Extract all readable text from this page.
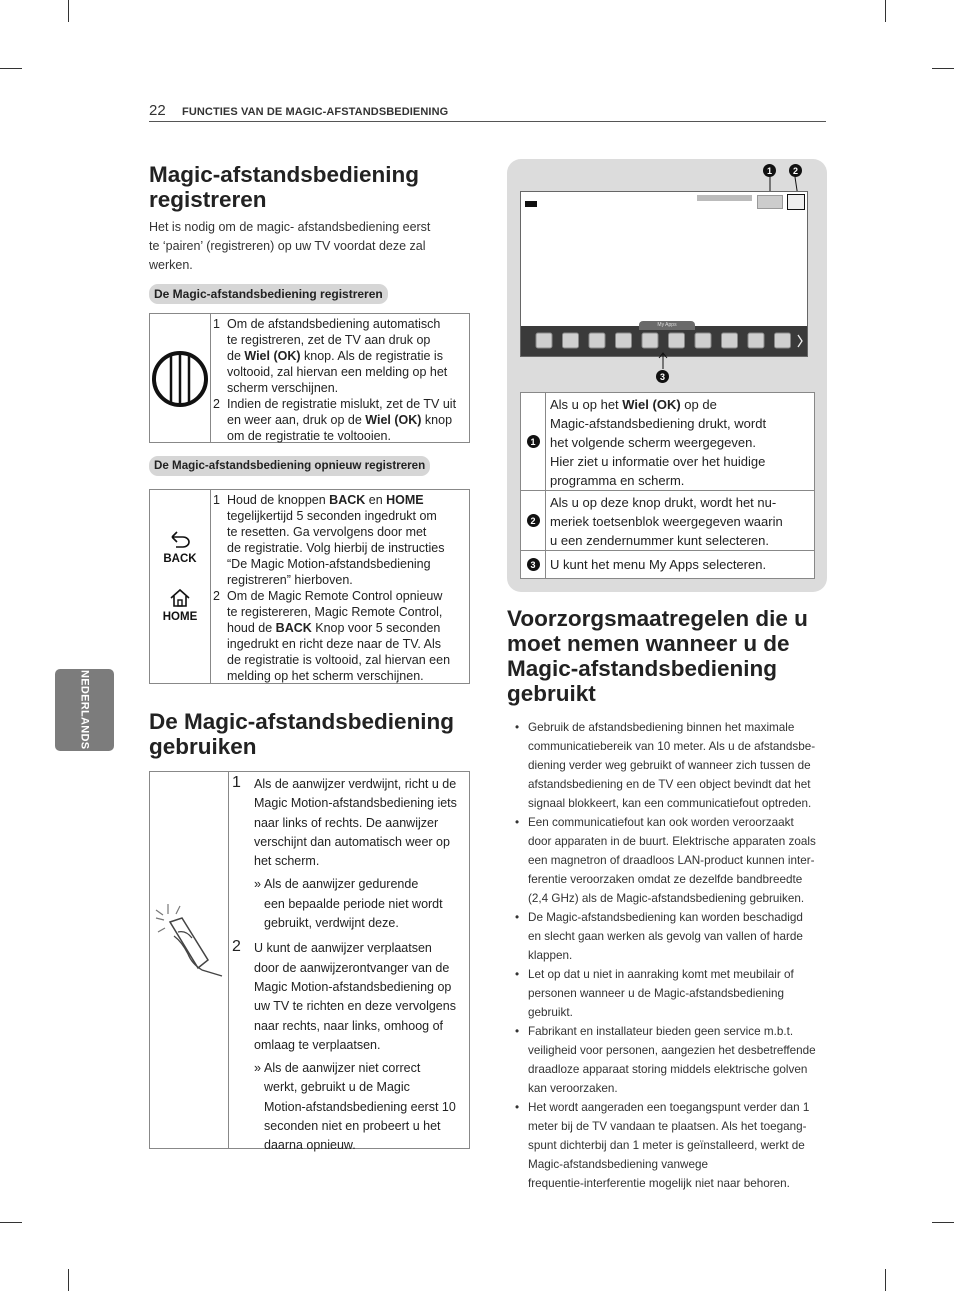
22 FUNCTIES VAN DE MAGIC-AFSTANDSBEDIENING
NEDERLANDS
Magic-afstandsbediening
registreren
Het is nodig om de magic- afstandsbediening eerst
te ‘pairen’ (registreren) op uw TV voordat deze zal
werken.
De Magic-afstandsbediening registreren
1 Om de afstandsbediening automatisch
te registreren, zet de TV aan druk op
de Wiel (OK) knop. Als de registratie is
voltooid, zal hiervan een melding op het
scherm verschijnen.
2 Indien de registratie mislukt, zet de TV uit
en weer aan, druk op de Wiel (OK) knop
om de registratie te voltooien.
De Magic-afstandsbediening opnieuw registreren
BACK
HOME
1 Houd de knoppen BACK en HOME
tegelijkertijd 5 seconden ingedrukt om
te resetten. Ga vervolgens door met
de registratie. Volg hierbij de instructies
“De Magic Motion-afstandsbediening
registreren” hierboven.
2 Om de Magic Remote Control opnieuw
te registereren, Magic Remote Control,
houd de BACK Knop voor 5 seconden
ingedrukt en richt deze naar de TV. Als
de registratie is voltooid, zal hiervan een
melding op het scherm verschijnen.
De Magic-afstandsbediening
gebruiken
1 Als de aanwijzer verdwijnt, richt u de
Magic Motion-afstandsbediening iets
naar links of rechts. De aanwijzer
verschijnt dan automatisch weer op
het scherm.
» Als de aanwijzer gedurende
een bepaalde periode niet wordt
gebruikt, verdwijnt deze.
2 U kunt de aanwijzer verplaatsen
door de aanwijzerontvanger van de
Magic Motion-afstandsbediening op
uw TV te richten en deze vervolgens
naar rechts, naar links, omhoog of
omlaag te verplaatsen.
» Als de aanwijzer niet correct
werkt, gebruikt u de Magic
Motion-afstandsbediening eerst 10
seconden niet en probeert u het
daarna opnieuw.
1	2
My Apps
3
1
Als u op het Wiel (OK) op de
Magic-afstandsbediening drukt, wordt
het volgende scherm weergegeven.
Hier ziet u informatie over het huidige
programma en scherm.
2
Als u op deze knop drukt, wordt het nu-
meriek toetsenblok weergegeven waarin
u een zendernummer kunt selecteren.
3	U kunt het menu My Apps selecteren.
Voorzorgsmaatregelen die u
moet nemen wanneer u de
Magic-afstandsbediening
gebruikt
• Gebruik de afstandsbediening binnen het maximale
communicatiebereik van 10 meter. Als u de afstandsbe-
diening verder weg gebruikt of wanneer zich tussen de
afstandsbediening en de TV een object bevindt dat het
signaal blokkeert, kan een communicatiefout optreden.
• Een communicatiefout kan ook worden veroorzaakt
door apparaten in de buurt. Elektrische apparaten zoals
een magnetron of draadloos LAN-product kunnen inter-
ferentie veroorzaken omdat ze dezelfde bandbreedte
(2,4 GHz) als de Magic-afstandsbediening gebruiken.
• De Magic-afstandsbediening kan worden beschadigd
en slecht gaan werken als gevolg van vallen of harde
klappen.
• Let op dat u niet in aanraking komt met meubilair of
personen wanneer u de Magic-afstandsbediening
gebruikt.
• Fabrikant en installateur bieden geen service m.b.t.
veiligheid voor personen, aangezien het desbetreffende
draadloze apparaat storing middels elektrische golven
kan veroorzaken.
• Het wordt aangeraden een toegangspunt verder dan 1
meter bij de TV vandaan te plaatsen. Als het toegang-
spunt dichterbij dan 1 meter is geïnstalleerd, werkt de
Magic-afstandsbediening vanwege
frequentie-interferentie mogelijk niet naar behoren.
